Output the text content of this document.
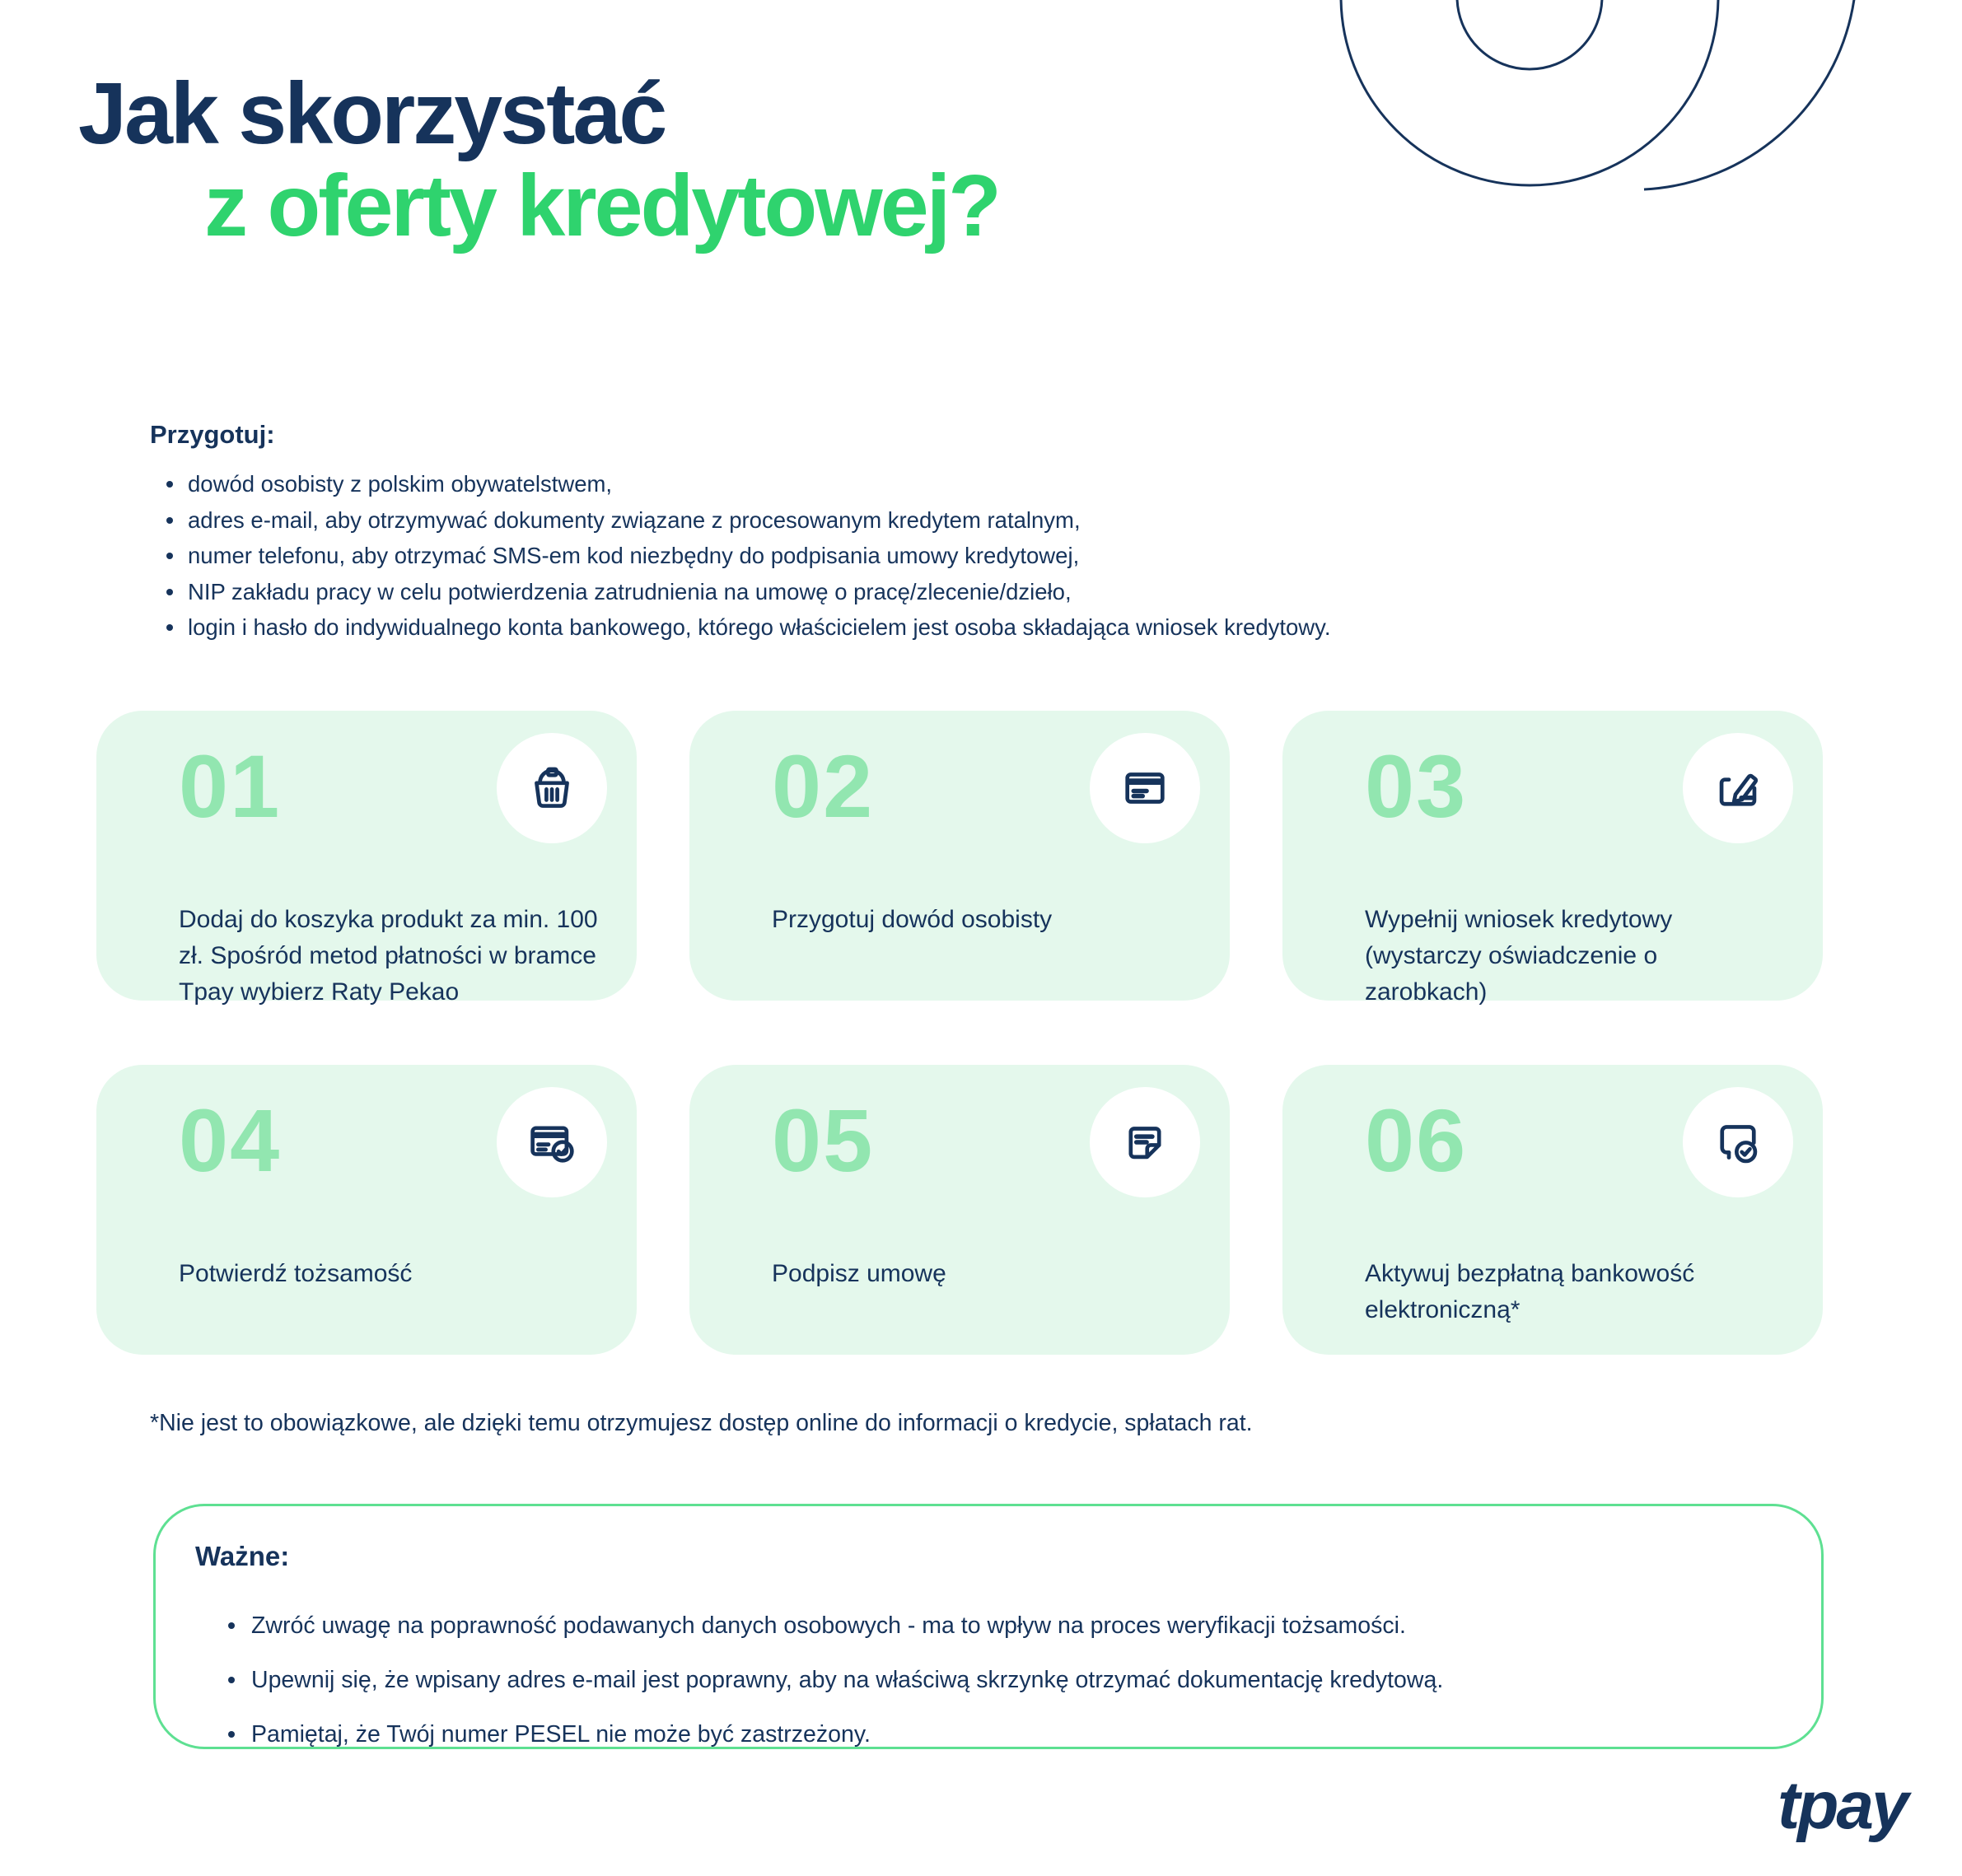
Jak skorzystać
z oferty kredytowej?
Przygotuj:
dowód osobisty z polskim obywatelstwem,
adres e-mail, aby otrzymywać dokumenty związane z procesowanym kredytem ratalnym,
numer telefonu, aby otrzymać SMS-em kod niezbędny do podpisania umowy kredytowej,
NIP zakładu pracy w celu potwierdzenia zatrudnienia na umowę o pracę/zlecenie/dzieło,
login i hasło do indywidualnego konta bankowego, którego właścicielem jest osoba składająca wniosek kredytowy.
01
Dodaj do koszyka produkt za min. 100 zł. Spośród metod płatności w bramce Tpay wybierz Raty Pekao
02
Przygotuj dowód osobisty
03
Wypełnij wniosek kredytowy (wystarczy oświadczenie o zarobkach)
04
Potwierdź tożsamość
05
Podpisz umowę
06
Aktywuj bezpłatną bankowość elektroniczną*
*Nie jest to obowiązkowe, ale dzięki temu otrzymujesz dostęp online do informacji o kredycie, spłatach rat.
Ważne:
Zwróć uwagę na poprawność podawanych danych osobowych - ma to wpływ na proces weryfikacji tożsamości.
Upewnij się, że wpisany adres e-mail jest poprawny, aby na właściwą skrzynkę otrzymać dokumentację kredytową.
Pamiętaj, że Twój numer PESEL nie może być zastrzeżony.
tpay
